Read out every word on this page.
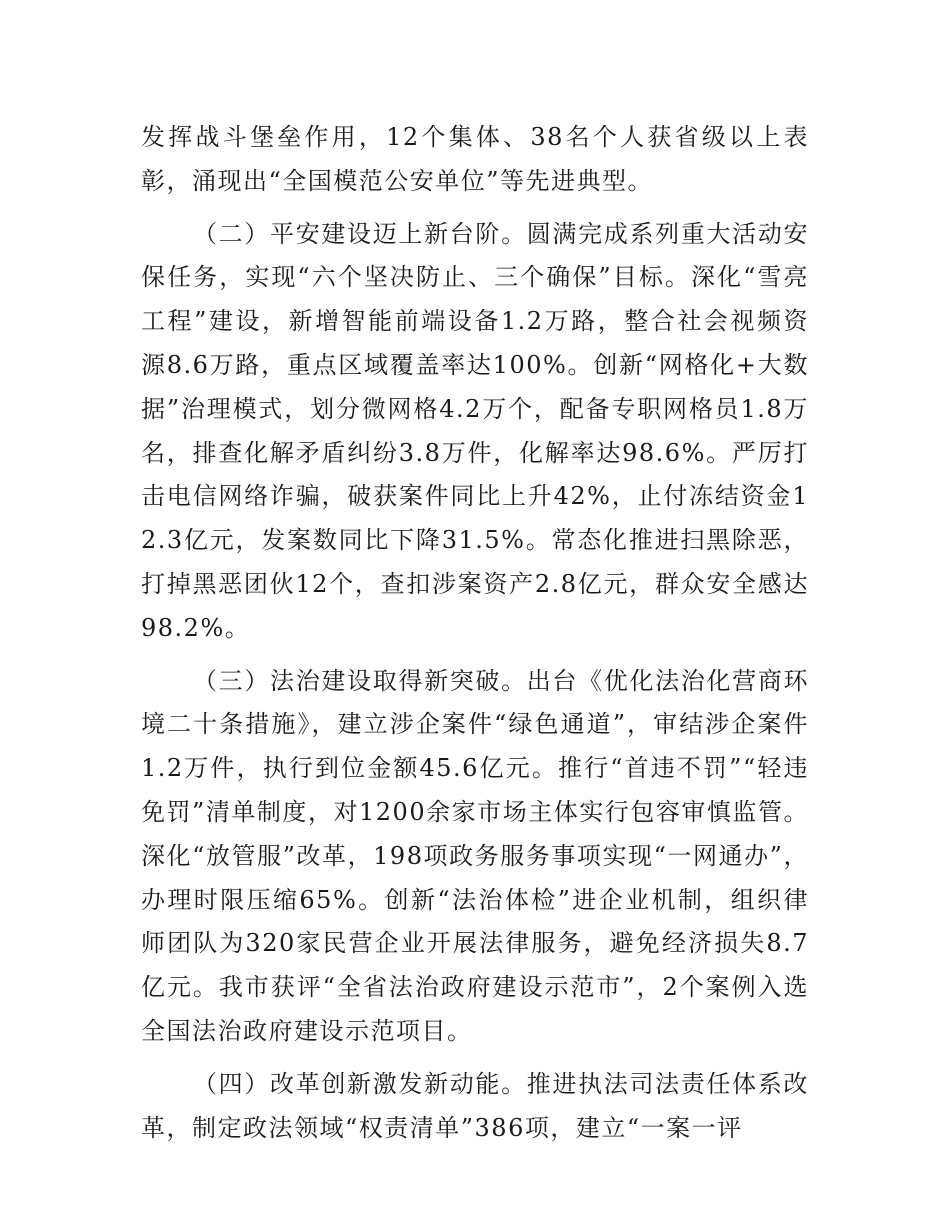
发挥战斗堡垒作用，12个集体、38名个人获省级以上表彰，涌现出“全国模范公安单位”等先进典型。

（二）平安建设迈上新台阶。圆满完成系列重大活动安保任务，实现“六个坚决防止、三个确保”目标。深化“雪亮工程”建设，新增智能前端设备1.2万路，整合社会视频资源8.6万路，重点区域覆盖率达100%。创新“网格化+大数据”治理模式，划分微网格4.2万个，配备专职网格员1.8万名，排查化解矛盾纠纷3.8万件，化解率达98.6%。严厉打击电信网络诈骗，破获案件同比上升42%，止付冻结资金12.3亿元，发案数同比下降31.5%。常态化推进扫黑除恶，打掉黑恶团伙12个，查扣涉案资产2.8亿元，群众安全感达98.2%。

（三）法治建设取得新突破。出台《优化法治化营商环境二十条措施》，建立涉企案件“绿色通道”，审结涉企案件1.2万件，执行到位金额45.6亿元。推行“首违不罚”“轻违免罚”清单制度，对1200余家市场主体实行包容审慎监管。深化“放管服”改革，198项政务服务事项实现“一网通办”，办理时限压缩65%。创新“法治体检”进企业机制，组织律师团队为320家民营企业开展法律服务，避免经济损失8.7亿元。我市获评“全省法治政府建设示范市”，2个案例入选全国法治政府建设示范项目。

（四）改革创新激发新动能。推进执法司法责任体系改革，制定政法领域“权责清单”386项，建立“一案一评
